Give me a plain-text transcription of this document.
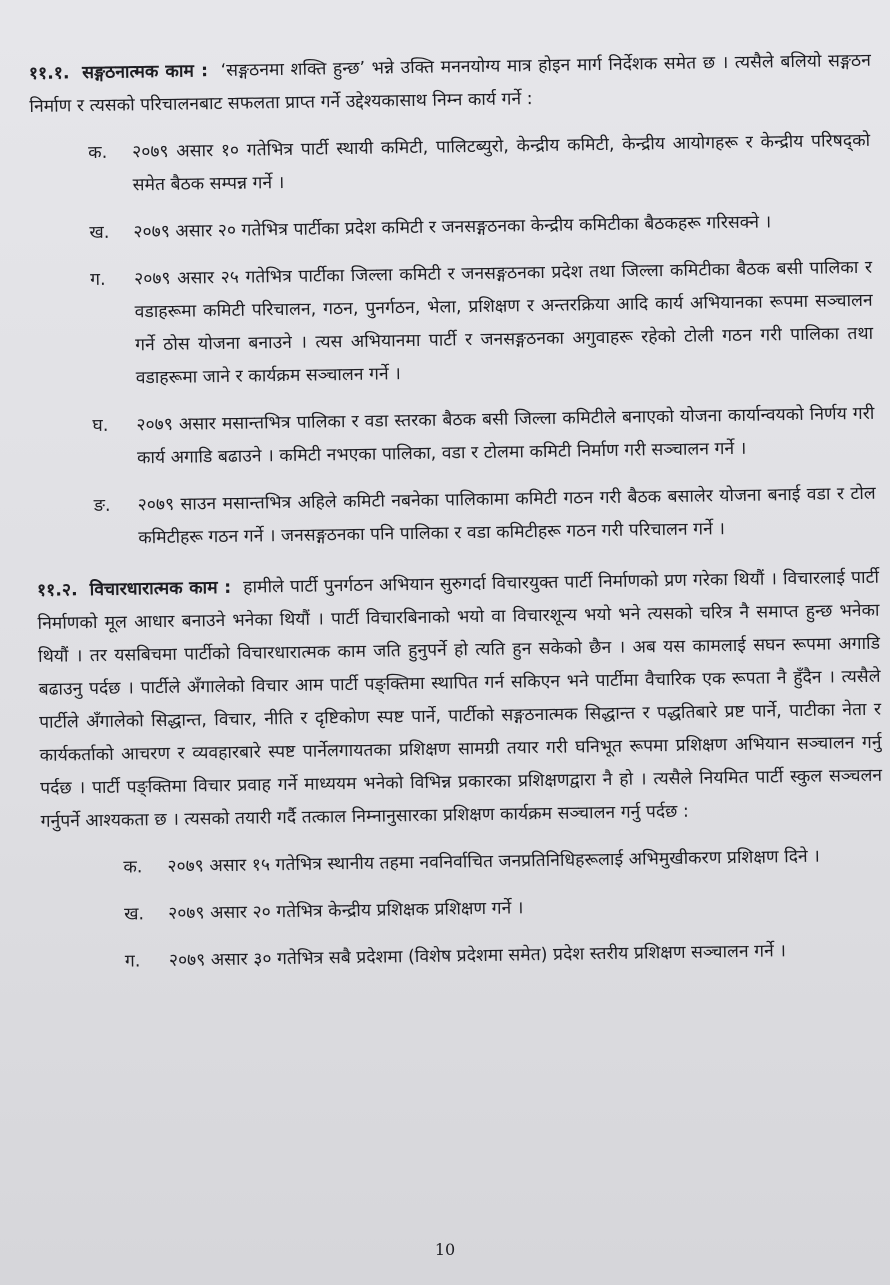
११.१. सङ्गठनात्मक काम : ‘सङ्गठनमा शक्ति हुन्छ’ भन्ने उक्ति मननयोग्य मात्र होइन मार्ग निर्देशक समेत छ । त्यसैले बलियो सङ्गठन निर्माण र त्यसको परिचालनबाट सफलता प्राप्त गर्ने उद्देश्यकासाथ निम्न कार्य गर्ने :
क.	२०७९ असार १० गतेभित्र पार्टी स्थायी कमिटी, पालिटब्युरो, केन्द्रीय कमिटी, केन्द्रीय आयोगहरू र केन्द्रीय परिषद्को समेत बैठक सम्पन्न गर्ने ।
ख.	२०७९ असार २० गतेभित्र पार्टीका प्रदेश कमिटी र जनसङ्गठनका केन्द्रीय कमिटीका बैठकहरू गरिसक्ने ।
ग.	२०७९ असार २५ गतेभित्र पार्टीका जिल्ला कमिटी र जनसङ्गठनका प्रदेश तथा जिल्ला कमिटीका बैठक बसी पालिका र वडाहरूमा कमिटी परिचालन, गठन, पुनर्गठन, भेला, प्रशिक्षण र अन्तरक्रिया आदि कार्य अभियानका रूपमा सञ्चालन गर्ने ठोस योजना बनाउने । त्यस अभियानमा पार्टी र जनसङ्गठनका अगुवाहरू रहेको टोली गठन गरी पालिका तथा वडाहरूमा जाने र कार्यक्रम सञ्चालन गर्ने ।
घ.	२०७९ असार मसान्तभित्र पालिका र वडा स्तरका बैठक बसी जिल्ला कमिटीले बनाएको योजना कार्यान्वयको निर्णय गरी कार्य अगाडि बढाउने । कमिटी नभएका पालिका, वडा र टोलमा कमिटी निर्माण गरी सञ्चालन गर्ने ।
ङ.	२०७९ साउन मसान्तभित्र अहिले कमिटी नबनेका पालिकामा कमिटी गठन गरी बैठक बसालेर योजना बनाई वडा र टोल कमिटीहरू गठन गर्ने । जनसङ्गठनका पनि पालिका र वडा कमिटीहरू गठन गरी परिचालन गर्ने ।
११.२. विचारधारात्मक काम : हामीले पार्टी पुनर्गठन अभियान सुरुगर्दा विचारयुक्त पार्टी निर्माणको प्रण गरेका थियौं । विचारलाई पार्टी निर्माणको मूल आधार बनाउने भनेका थियौं । पार्टी विचारबिनाको भयो वा विचारशून्य भयो भने त्यसको चरित्र नै समाप्त हुन्छ भनेका थियौं । तर यसबिचमा पार्टीको विचारधारात्मक काम जति हुनुपर्ने हो त्यति हुन सकेको छैन । अब यस कामलाई सघन रूपमा अगाडि बढाउनु पर्दछ । पार्टीले अँगालेको विचार आम पार्टी पङ्क्तिमा स्थापित गर्न सकिएन भने पार्टीमा वैचारिक एक रूपता नै हुँदैन । त्यसैले पार्टीले अँगालेको सिद्धान्त, विचार, नीति र दृष्टिकोण स्पष्ट पार्ने, पार्टीको सङ्गठनात्मक सिद्धान्त र पद्धतिबारे प्रष्ट पार्ने, पाटीका नेता र कार्यकर्ताको आचरण र व्यवहारबारे स्पष्ट पार्नेलगायतका प्रशिक्षण सामग्री तयार गरी घनिभूत रूपमा प्रशिक्षण अभियान सञ्चालन गर्नु पर्दछ । पार्टी पङ्क्तिमा विचार प्रवाह गर्ने माध्ययम भनेको विभिन्न प्रकारका प्रशिक्षणद्वारा नै हो । त्यसैले नियमित पार्टी स्कुल सञ्चलन गर्नुपर्ने आश्यकता छ । त्यसको तयारी गर्दै तत्काल निम्नानुसारका प्रशिक्षण कार्यक्रम सञ्चालन गर्नु पर्दछ :
क.	२०७९ असार १५ गतेभित्र स्थानीय तहमा नवनिर्वाचित जनप्रतिनिधिहरूलाई अभिमुखीकरण प्रशिक्षण दिने ।
ख.	२०७९ असार २० गतेभित्र केन्द्रीय प्रशिक्षक प्रशिक्षण गर्ने ।
ग.	२०७९ असार ३० गतेभित्र सबै प्रदेशमा (विशेष प्रदेशमा समेत) प्रदेश स्तरीय प्रशिक्षण सञ्चालन गर्ने ।
10
